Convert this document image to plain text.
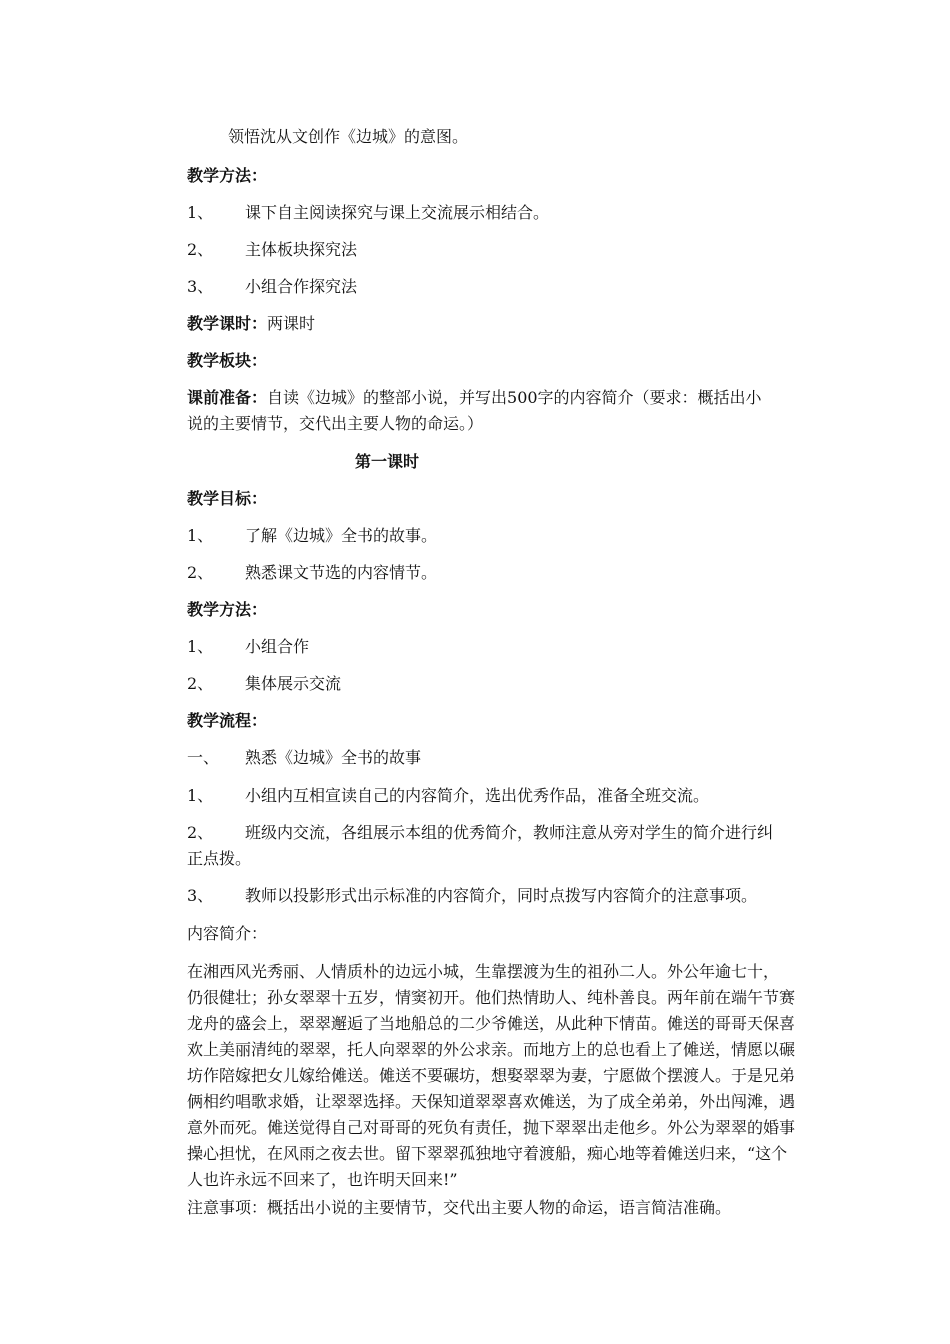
领悟沈从文创作《边城》的意图。
教学方法：
1、 课下自主阅读探究与课上交流展示相结合。
2、 主体板块探究法
3、 小组合作探究法
教学课时：两课时
教学板块：
课前准备：自读《边城》的整部小说，并写出500字的内容简介（要求：概括出小
说的主要情节，交代出主要人物的命运。）
第一课时
教学目标：
1、 了解《边城》全书的故事。
2、 熟悉课文节选的内容情节。
教学方法：
1、 小组合作
2、 集体展示交流
教学流程：
一、 熟悉《边城》全书的故事
1、 小组内互相宣读自己的内容简介，选出优秀作品，准备全班交流。
2、 班级内交流，各组展示本组的优秀简介，教师注意从旁对学生的简介进行纠
正点拨。
3、 教师以投影形式出示标准的内容简介，同时点拨写内容简介的注意事项。
内容简介：
在湘西风光秀丽、人情质朴的边远小城，生靠摆渡为生的祖孙二人。外公年逾七十，
仍很健壮；孙女翠翠十五岁，情窦初开。他们热情助人、纯朴善良。两年前在端午节赛
龙舟的盛会上，翠翠邂逅了当地船总的二少爷傩送，从此种下情苗。傩送的哥哥天保喜
欢上美丽清纯的翠翠，托人向翠翠的外公求亲。而地方上的总也看上了傩送，情愿以碾
坊作陪嫁把女儿嫁给傩送。傩送不要碾坊，想娶翠翠为妻，宁愿做个摆渡人。于是兄弟
俩相约唱歌求婚，让翠翠选择。天保知道翠翠喜欢傩送，为了成全弟弟，外出闯滩，遇
意外而死。傩送觉得自己对哥哥的死负有责任，抛下翠翠出走他乡。外公为翠翠的婚事
操心担忧，在风雨之夜去世。留下翠翠孤独地守着渡船，痴心地等着傩送归来，“这个
人也许永远不回来了，也许明天回来!”
注意事项：概括出小说的主要情节，交代出主要人物的命运，语言简洁准确。
